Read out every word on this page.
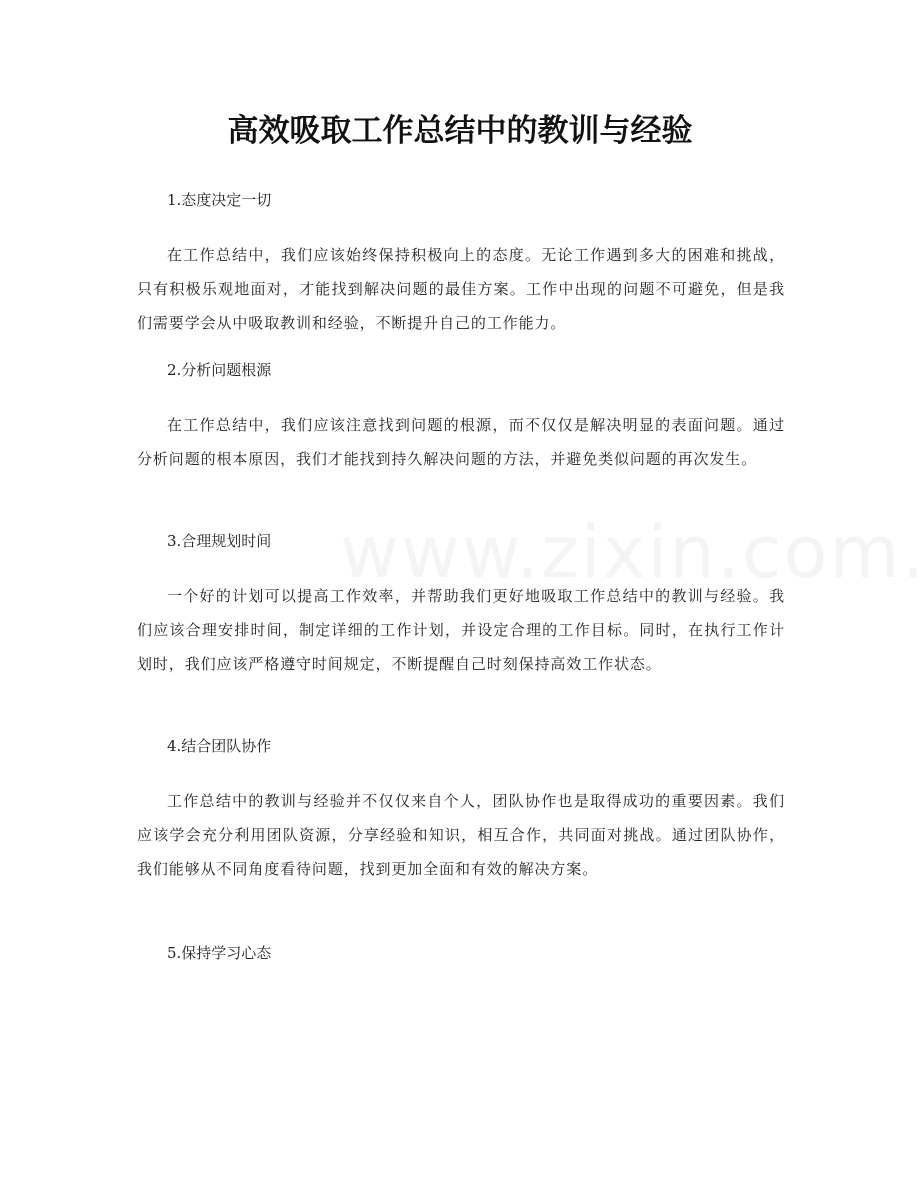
高效吸取工作总结中的教训与经验
1.态度决定一切

在工作总结中，我们应该始终保持积极向上的态度。无论工作遇到多大的困难和挑战，只有积极乐观地面对，才能找到解决问题的最佳方案。工作中出现的问题不可避免，但是我们需要学会从中吸取教训和经验，不断提升自己的工作能力。

2.分析问题根源

在工作总结中，我们应该注意找到问题的根源，而不仅仅是解决明显的表面问题。通过分析问题的根本原因，我们才能找到持久解决问题的方法，并避免类似问题的再次发生。

3.合理规划时间

一个好的计划可以提高工作效率，并帮助我们更好地吸取工作总结中的教训与经验。我们应该合理安排时间，制定详细的工作计划，并设定合理的工作目标。同时，在执行工作计划时，我们应该严格遵守时间规定，不断提醒自己时刻保持高效工作状态。

4.结合团队协作

工作总结中的教训与经验并不仅仅来自个人，团队协作也是取得成功的重要因素。我们应该学会充分利用团队资源，分享经验和知识，相互合作，共同面对挑战。通过团队协作，我们能够从不同角度看待问题，找到更加全面和有效的解决方案。

5.保持学习心态
